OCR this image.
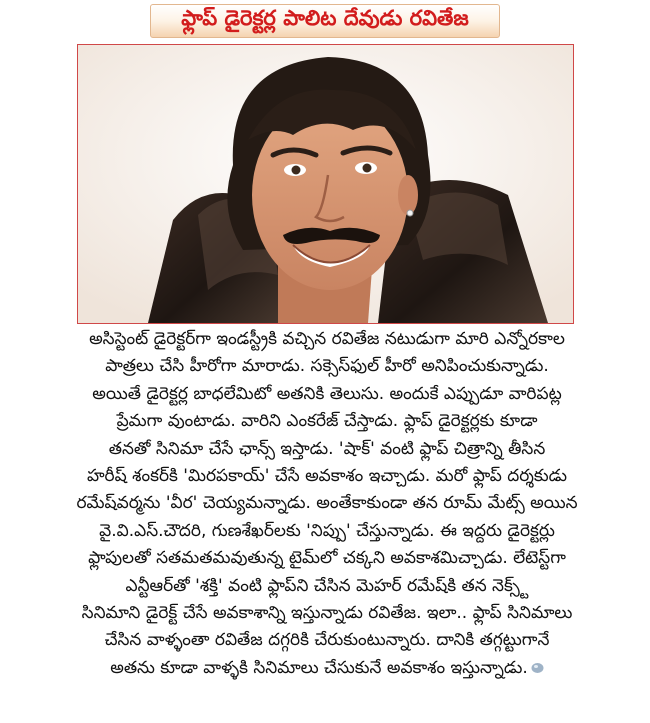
ఫ్లాప్ డైరెక్టర్ల పాలిట దేవుడు రవితేజ
అసిస్టెంట్ డైరెక్టర్‌గా ఇండస్ట్రీకి వచ్చిన రవితేజ నటుడుగా మారి ఎన్నోరకాల
పాత్రలు చేసి హీరోగా మారాడు. సక్సెస్‌ఫుల్ హీరో అనిపించుకున్నాడు.
అయితే డైరెక్టర్ల బాధలేమిటో అతనికి తెలుసు. అందుకే ఎప్పుడూ వారిపట్ల
ప్రేమగా వుంటాడు. వారిని ఎంకరేజ్ చేస్తాడు. ఫ్లాప్ డైరెక్టర్లకు కూడా
తనతో సినిమా చేసే ఛాన్స్ ఇస్తాడు. 'షాక్' వంటి ఫ్లాప్ చిత్రాన్ని తీసిన
హరీష్ శంకర్‌కి 'మిరపకాయ్' చేసే అవకాశం ఇచ్చాడు. మరో ఫ్లాప్ దర్శకుడు
రమేష్‌వర్మను 'వీర' చెయ్యమన్నాడు. అంతేకాకుండా తన రూమ్ మేట్స్ అయిన
వై.వి.ఎస్.చౌదరి, గుణశేఖర్‌లకు 'నిప్పు' చేస్తున్నాడు. ఈ ఇద్దరు డైరెక్టర్లు
ఫ్లాపులతో సతమతమవుతున్న టైమ్‌లో చక్కని అవకాశమిచ్చాడు. లేటెస్ట్‌గా
ఎన్టీఆర్‌తో 'శక్తి' వంటి ఫ్లాప్‌ని చేసిన మెహర్ రమేష్‌కి తన నెక్స్ట్
సినిమాని డైరెక్ట్ చేసే అవకాశాన్ని ఇస్తున్నాడు రవితేజ. ఇలా.. ఫ్లాప్ సినిమాలు
చేసిన వాళ్ళంతా రవితేజ దగ్గరికి చేరుకుంటున్నారు. దానికి తగ్గట్టుగానే
అతను కూడా వాళ్ళకి సినిమాలు చేసుకునే అవకాశం ఇస్తున్నాడు.
